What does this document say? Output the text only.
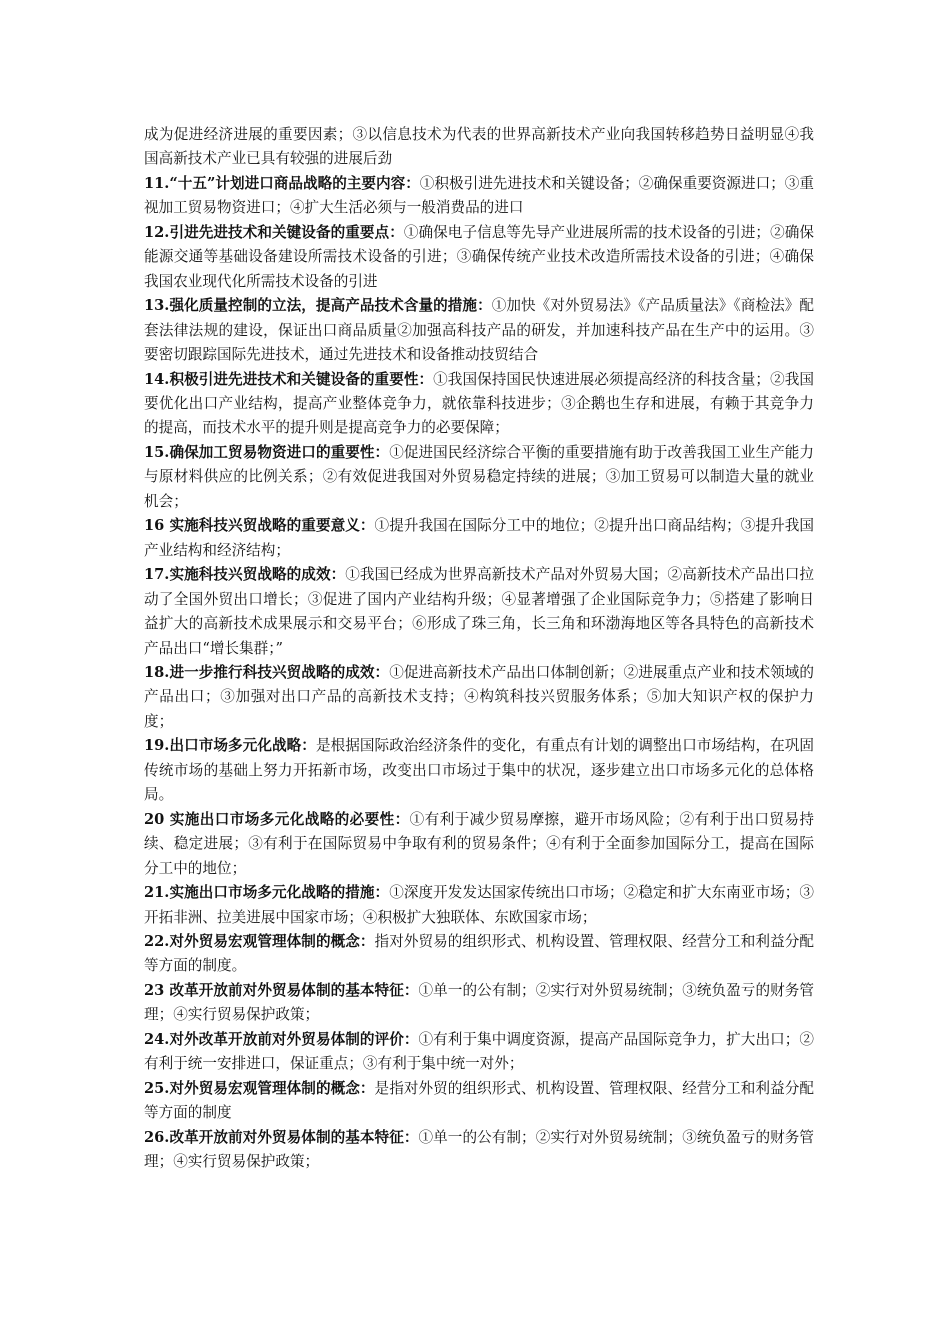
成为促进经济进展的重要因素；③以信息技术为代表的世界高新技术产业向我国转移趋势日益明显④我国高新技术产业已具有较强的进展后劲

11.“十五”计划进口商品战略的主要内容：①积极引进先进技术和关键设备；②确保重要资源进口；③重视加工贸易物资进口；④扩大生活必须与一般消费品的进口

12.引进先进技术和关键设备的重要点：①确保电子信息等先导产业进展所需的技术设备的引进；②确保能源交通等基础设备建设所需技术设备的引进；③确保传统产业技术改造所需技术设备的引进；④确保我国农业现代化所需技术设备的引进

13.强化质量控制的立法，提高产品技术含量的措施：①加快《对外贸易法》《产品质量法》《商检法》配套法律法规的建设，保证出口商品质量②加强高科技产品的研发，并加速科技产品在生产中的运用。③要密切跟踪国际先进技术，通过先进技术和设备推动技贸结合

14.积极引进先进技术和关键设备的重要性：①我国保持国民快速进展必须提高经济的科技含量；②我国要优化出口产业结构，提高产业整体竞争力，就依靠科技进步；③企鹅也生存和进展，有赖于其竞争力的提高，而技术水平的提升则是提高竞争力的必要保障；

15.确保加工贸易物资进口的重要性：①促进国民经济综合平衡的重要措施有助于改善我国工业生产能力与原材料供应的比例关系；②有效促进我国对外贸易稳定持续的进展；③加工贸易可以制造大量的就业机会；

16 实施科技兴贸战略的重要意义：①提升我国在国际分工中的地位；②提升出口商品结构；③提升我国产业结构和经济结构；

17.实施科技兴贸战略的成效：①我国已经成为世界高新技术产品对外贸易大国；②高新技术产品出口拉动了全国外贸出口增长；③促进了国内产业结构升级；④显著增强了企业国际竞争力；⑤搭建了影响日益扩大的高新技术成果展示和交易平台；⑥形成了珠三角，长三角和环渤海地区等各具特色的高新技术产品出口“增长集群；”

18.进一步推行科技兴贸战略的成效：①促进高新技术产品出口体制创新；②进展重点产业和技术领域的产品出口；③加强对出口产品的高新技术支持；④构筑科技兴贸服务体系；⑤加大知识产权的保护力度；

19.出口市场多元化战略：是根据国际政治经济条件的变化，有重点有计划的调整出口市场结构，在巩固传统市场的基础上努力开拓新市场，改变出口市场过于集中的状况，逐步建立出口市场多元化的总体格局。

20 实施出口市场多元化战略的必要性：①有利于减少贸易摩擦，避开市场风险；②有利于出口贸易持续、稳定进展；③有利于在国际贸易中争取有利的贸易条件；④有利于全面参加国际分工，提高在国际分工中的地位；

21.实施出口市场多元化战略的措施：①深度开发发达国家传统出口市场；②稳定和扩大东南亚市场；③开拓非洲、拉美进展中国家市场；④积极扩大独联体、东欧国家市场；

22.对外贸易宏观管理体制的概念：指对外贸易的组织形式、机构设置、管理权限、经营分工和利益分配等方面的制度。

23 改革开放前对外贸易体制的基本特征：①单一的公有制；②实行对外贸易统制；③统负盈亏的财务管理；④实行贸易保护政策；

24.对外改革开放前对外贸易体制的评价：①有利于集中调度资源，提高产品国际竞争力，扩大出口；②有利于统一安排进口，保证重点；③有利于集中统一对外；

25.对外贸易宏观管理体制的概念：是指对外贸的组织形式、机构设置、管理权限、经营分工和利益分配等方面的制度

26.改革开放前对外贸易体制的基本特征：①单一的公有制；②实行对外贸易统制；③统负盈亏的财务管理；④实行贸易保护政策；
